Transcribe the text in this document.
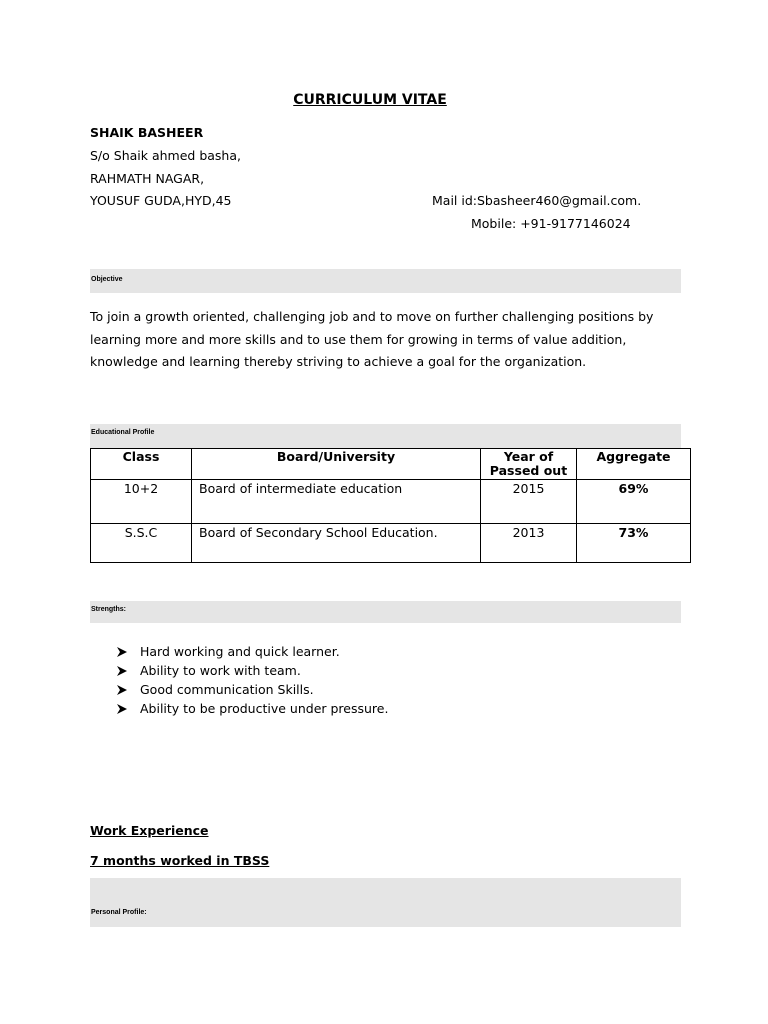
CURRICULUM VITAE
SHAIK BASHEER
S/o Shaik ahmed basha,
RAHMATH NAGAR,
YOUSUF GUDA,HYD,45	Mail id:Sbasheer460@gmail.com.
Mobile: +91-9177146024
Objective
To join a growth oriented, challenging job and to move on further challenging positions by
learning more and more skills and to use them for growing in terms of value addition,
knowledge and learning thereby striving to achieve a goal for the organization.
Educational Profile
Class	Board/University	Year of Passed out	Aggregate
10+2	Board of intermediate education	2015	69%
S.S.C	Board of Secondary School Education.	2013	73%
Strengths:
Hard working and quick learner.
Ability to work with team.
Good communication Skills.
Ability to be productive under pressure.
Work Experience
7 months worked in TBSS
Personal Profile:
